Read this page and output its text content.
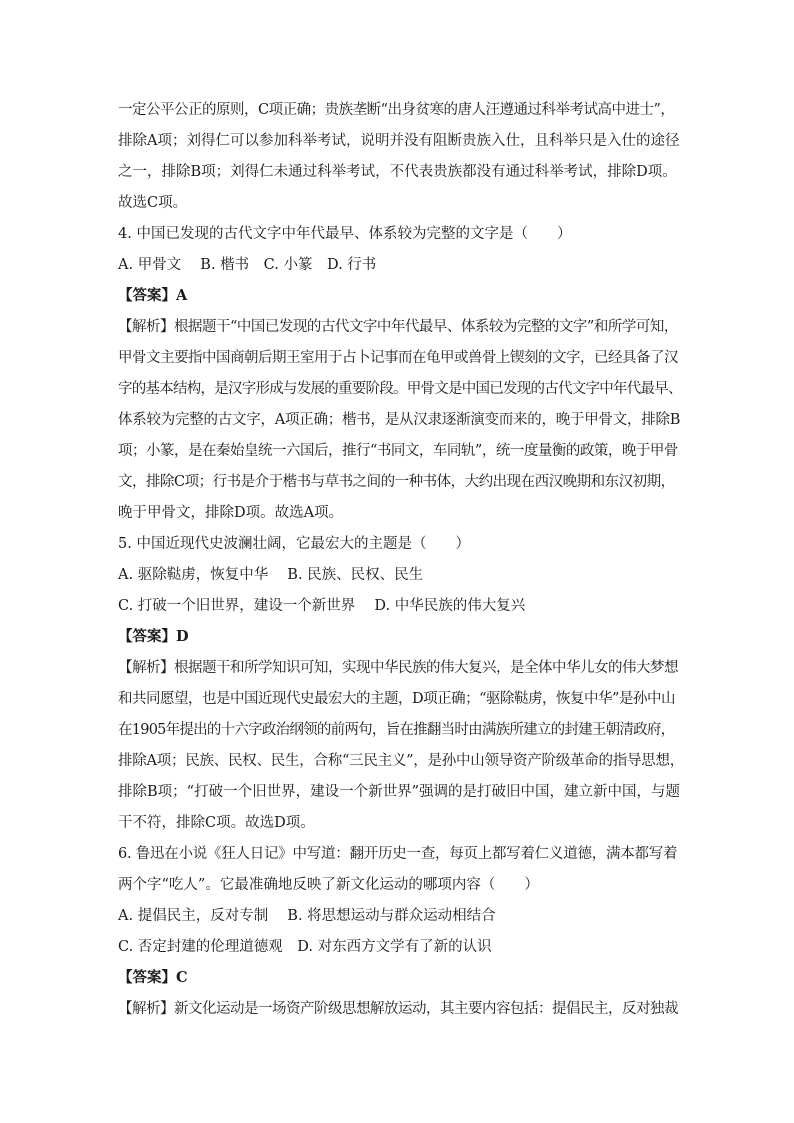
一定公平公正的原则，C项正确；贵族垄断“出身贫寒的唐人汪遵通过科举考试高中进士”，
排除A项；刘得仁可以参加科举考试，说明并没有阻断贵族入仕，且科举只是入仕的途径
之一，排除B项；刘得仁未通过科举考试，不代表贵族都没有通过科举考试，排除D项。
故选C项。
4. 中国已发现的古代文字中年代最早、体系较为完整的文字是（　　）
A. 甲骨文　 B. 楷书　C. 小篆　D. 行书
【答案】A
【解析】根据题干“中国已发现的古代文字中年代最早、体系较为完整的文字”和所学可知，
甲骨文主要指中国商朝后期王室用于占卜记事而在龟甲或兽骨上锲刻的文字，已经具备了汉
字的基本结构，是汉字形成与发展的重要阶段。甲骨文是中国已发现的古代文字中年代最早、
体系较为完整的古文字，A项正确；楷书，是从汉隶逐渐演变而来的，晚于甲骨文，排除B
项；小篆，是在秦始皇统一六国后，推行“书同文，车同轨”，统一度量衡的政策，晚于甲骨
文，排除C项；行书是介于楷书与草书之间的一种书体，大约出现在西汉晚期和东汉初期，
晚于甲骨文，排除D项。故选A项。
5. 中国近现代史波澜壮阔，它最宏大的主题是（　　）
A. 驱除鞑虏，恢复中华　 B. 民族、民权、民生
C. 打破一个旧世界，建设一个新世界　 D. 中华民族的伟大复兴
【答案】D
【解析】根据题干和所学知识可知，实现中华民族的伟大复兴，是全体中华儿女的伟大梦想
和共同愿望，也是中国近现代史最宏大的主题，D项正确；“驱除鞑虏，恢复中华”是孙中山
在1905年提出的十六字政治纲领的前两句，旨在推翻当时由满族所建立的封建王朝清政府，
排除A项；民族、民权、民生，合称“三民主义”，是孙中山领导资产阶级革命的指导思想，
排除B项；“打破一个旧世界，建设一个新世界”强调的是打破旧中国，建立新中国，与题
干不符，排除C项。故选D项。
6. 鲁迅在小说《狂人日记》中写道：翻开历史一查，每页上都写着仁义道德，满本都写着
两个字“吃人”。它最准确地反映了新文化运动的哪项内容（　　）
A. 提倡民主，反对专制　 B. 将思想运动与群众运动相结合
C. 否定封建的伦理道德观　D. 对东西方文学有了新的认识
【答案】C
【解析】新文化运动是一场资产阶级思想解放运动，其主要内容包括：提倡民主，反对独裁
